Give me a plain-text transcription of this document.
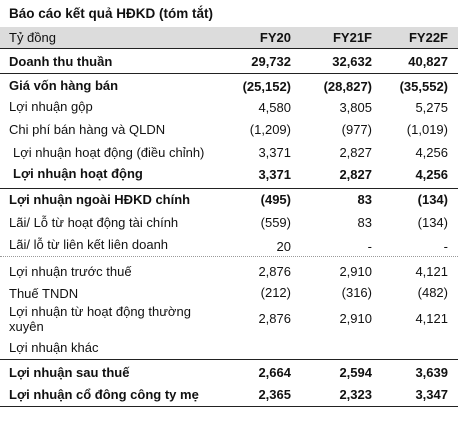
Báo cáo kết quả HĐKD (tóm tắt)
Tỷ đồng	FY20	FY21F	FY22F
Doanh thu thuần	29,732	32,632	40,827
Giá vốn hàng bán	(25,152)	(28,827) (35,552)
Lợi nhuận gộp	4,580	3,805	5,275
Chi phí bán hàng và QLDN	(1,209)	(977)	(1,019)
Lợi nhuận hoạt động (điều chỉnh)	3,371	2,827	4,256
Lợi nhuận hoạt động	3,371	2,827	4,256
Lợi nhuận ngoài HĐKD chính	(495)	83	(134)
Lãi/ Lỗ từ hoạt động tài chính	(559)	83	(134)
Lãi/ lỗ từ liên kết liên doanh	20	-	-
Lợi nhuận trước thuế	2,876	2,910	4,121
Thuế TNDN	(212)	(316)	(482)
Lợi nhuận từ hoạt động thường xuyên
2,876	2,910	4,121
Lợi nhuận khác
Lợi nhuận sau thuế	2,664	2,594	3,639
Lợi nhuận cổ đông công ty mẹ	2,365	2,323	3,347
